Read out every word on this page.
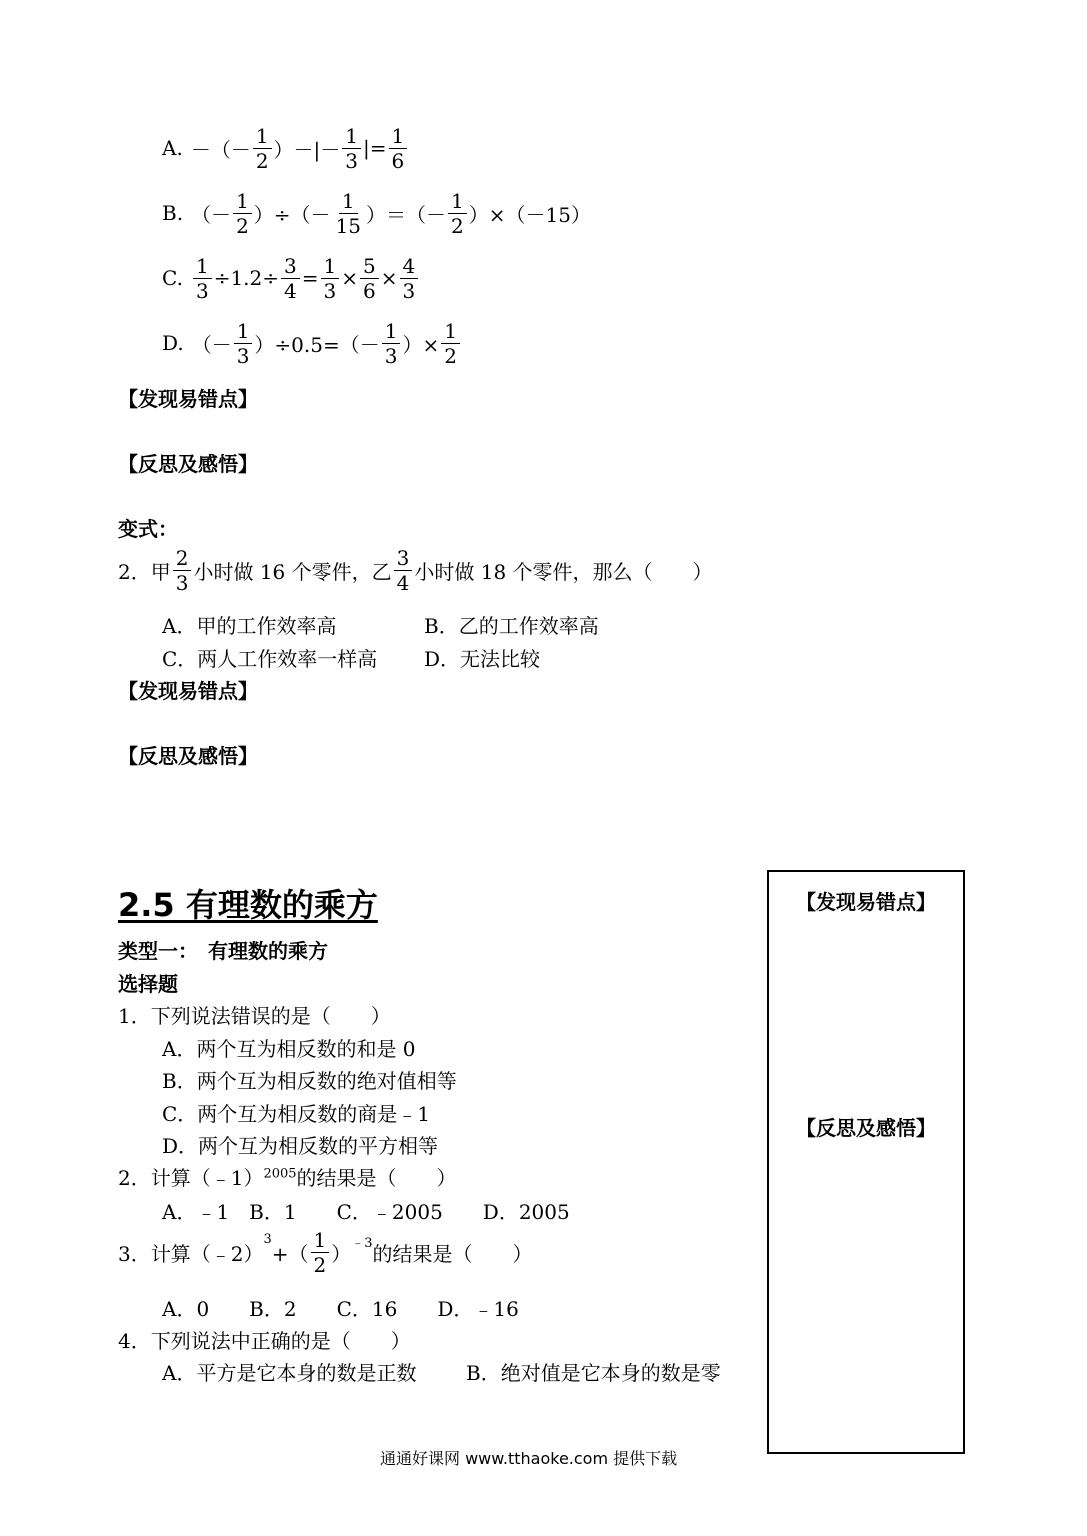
A. － （－ $\frac{1}{2}$ ）－|－ $\frac{1}{3}$ |= $\frac{1}{6}$
B. （－ $\frac{1}{2}$ ）÷（－ $\frac{1}{15}$ ）＝（－ $\frac{1}{2} )\times(-15)$
C. $\frac{1}{3} \div 1.2\div \frac{3}{4} = \frac{1}{3} \times \frac{5}{6} \times \frac{4}{3}$
D. （－ $\frac{1}{3} )\div 0.5=(- \frac{1}{3}$ ）× $\frac{1}{2}$
【发现易错点】
【反思及感悟】
变式：
2．甲 $\frac{2}{3}$ 小时做 16 个零件，乙 $\frac{3}{4}$ 小时做 18 个零件，那么（　　）
A．甲的工作效率高	B．乙的工作效率高
C．两人工作效率一样高 D．无法比较
【发现易错点】
【反思及感悟】
2.5 有理数的乘方
类型一：　有理数的乘方
选择题
1．下列说法错误的是（　　）
A．两个互为相反数的和是 0
B．两个互为相反数的绝对值相等
C．两个互为相反数的商是﹣1
D．两个互为相反数的平方相等
2．计算（﹣1）$^{2005}$的结果是（　　）
A．﹣1　B．1　　C．﹣2005　　D．2005
3．计算（﹣2）
$^3$
+（ $\frac{1}{2} )^{﹣3}$ 的结果是（　　）
A．0　　B．2　　C．16　　D．﹣16
4．下列说法中正确的是（　　）
A．平方是它本身的数是正数 B．绝对值是它本身的数是零
【发现易错点】
【反思及感悟】
通通好课网 www.tthaoke.com 提供下载
